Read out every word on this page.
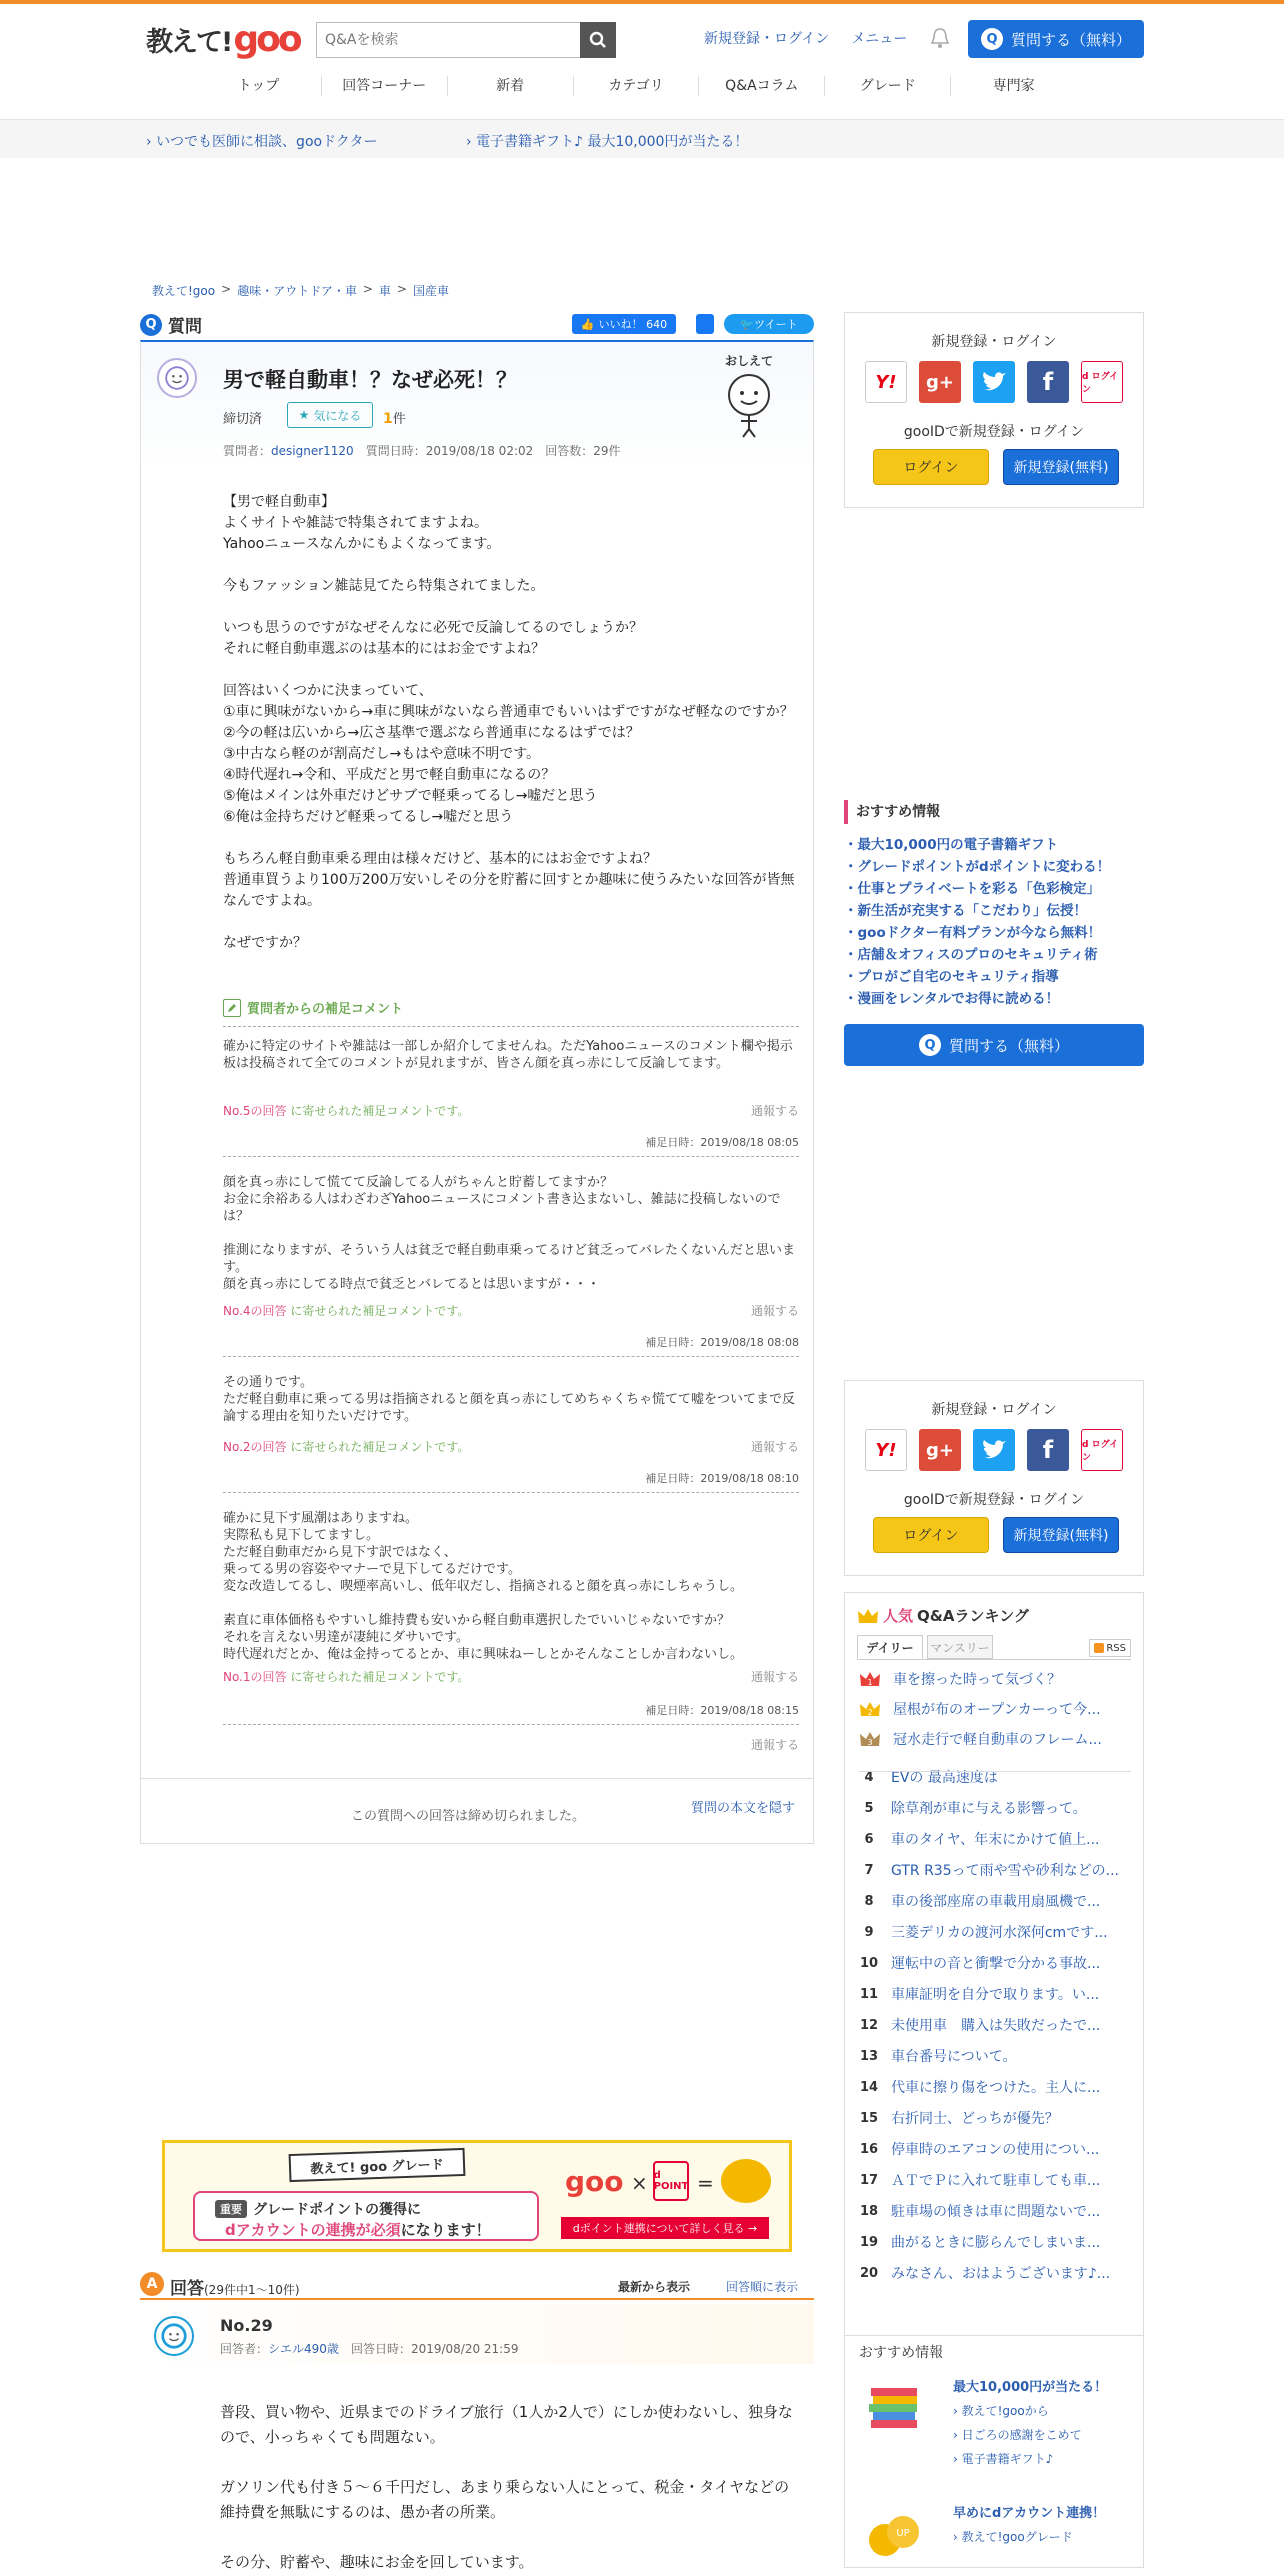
教えて! goo
Q&Aを検索	新規登録・ログイン メニュー	Q 質問する（無料）
トップ	回答コーナー	新着	カテゴリ	Q&Aコラム	グレード	専門家
› いつでも医師に相談、gooドクター	› 電子書籍ギフト♪ 最大10,000円が当たる！
教えて!goo > 趣味・アウトドア・車 > 車 > 国産車
Q 質問	👍 いいね！ 640	🐦 ツイート
男で軽自動車！？なぜ必死！？
締切済	★ 気になる 1件
質問者：designer1120　 質問日時：2019/08/18 02:02　回答数：29件
おしえて
【男で軽自動車】
よくサイトや雑誌で特集されてますよね。
Yahooニュースなんかにもよくなってます。

今もファッション雑誌見てたら特集されてました。

いつも思うのですがなぜそんなに必死で反論してるのでしょうか？
それに軽自動車選ぶのは基本的にはお金ですよね？

回答はいくつかに決まっていて、
①車に興味がないから→車に興味がないなら普通車でもいいはずですがなぜ軽なのですか？
②今の軽は広いから→広さ基準で選ぶなら普通車になるはずでは？
③中古なら軽のが割高だし→もはや意味不明です。
④時代遅れ→令和、平成だと男で軽自動車になるの？
⑤俺はメインは外車だけどサブで軽乗ってるし→嘘だと思う
⑥俺は金持ちだけど軽乗ってるし→嘘だと思う

もちろん軽自動車乗る理由は様々だけど、基本的にはお金ですよね？
普通車買うより100万200万安いしその分を貯蓄に回すとか趣味に使うみたいな回答が皆無なんですよね。

なぜですか？
質問者からの補足コメント
確かに特定のサイトや雑誌は一部しか紹介してませんね。ただYahooニュースのコメント欄や掲示板は投稿されて全てのコメントが見れますが、皆さん顔を真っ赤にして反論してます。
No.5の回答 に寄せられた補足コメントです。	通報する
補足日時：2019/08/18 08:05
顔を真っ赤にして慌てて反論してる人がちゃんと貯蓄してますか？
お金に余裕ある人はわざわざYahooニュースにコメント書き込まないし、雑誌に投稿しないのでは？

推測になりますが、そういう人は貧乏で軽自動車乗ってるけど貧乏ってバレたくないんだと思います。
顔を真っ赤にしてる時点で貧乏とバレてるとは思いますが・・・
No.4の回答 に寄せられた補足コメントです。	通報する
補足日時：2019/08/18 08:08
その通りです。
ただ軽自動車に乗ってる男は指摘されると顔を真っ赤にしてめちゃくちゃ慌てて嘘をついてまで反論する理由を知りたいだけです。
No.2の回答 に寄せられた補足コメントです。	通報する
補足日時：2019/08/18 08:10
確かに見下す風潮はありますね。
実際私も見下してますし。
ただ軽自動車だから見下す訳ではなく、
乗ってる男の容姿やマナーで見下してるだけです。
変な改造してるし、喫煙率高いし、低年収だし、指摘されると顔を真っ赤にしちゃうし。

素直に車体価格もやすいし維持費も安いから軽自動車選択したでいいじゃないですか？
それを言えない男達が凄純にダサいです。
時代遅れだとか、俺は金持ってるとか、車に興味ねーしとかそんなことしか言わないし。
No.1の回答 に寄せられた補足コメントです。	通報する
補足日時：2019/08/18 08:15
通報する
この質問への回答は締め切られました。
質問の本文を隠す
新規登録・ログイン
Y!	g+	f	d ログイン
gooIDで新規登録・ログイン
ログイン	新規登録(無料)
おすすめ情報
・最大10,000円の電子書籍ギフト
・グレードポイントがdポイントに変わる！
・仕事とプライベートを彩る「色彩検定」
・新生活が充実する「こだわり」伝授！
・gooドクター有料プランが今なら無料！
・店舗＆オフィスのプロのセキュリティ術
・プロがご自宅のセキュリティ指導
・漫画をレンタルでお得に読める！
Q 質問する（無料）
新規登録・ログイン
Y!	g+	f	d ログイン
gooIDで新規登録・ログイン
ログイン	新規登録(無料)
人気 Q&Aランキング
デイリー	マンスリー	RSS
1 車を擦った時って気づく？
2 屋根が布のオープンカーって今...
3 冠水走行で軽自動車のフレーム...
4	EVの 最高速度は
5	除草剤が車に与える影響って。
6	車のタイヤ、年末にかけて値上...
7	GTR R35って雨や雪や砂利などの...
8	車の後部座席の車載用扇風機で...
9	三菱デリカの渡河水深何cmです...
10 運転中の音と衝撃で分かる事故...
11 車庫証明を自分で取ります。い...
12 未使用車　購入は失敗だったで...
13 車台番号について。
14 代車に擦り傷をつけた。主人に...
15 右折同士、どっちが優先？
16 停車時のエアコンの使用につい...
17 ＡＴでＰに入れて駐車しても車...
18 駐車場の傾きは車に問題ないで...
19 曲がるときに膨らんでしまいま...
20 みなさん、おはようございます♪...
おすすめ情報
最大10,000円が当たる！
› 教えて!gooから
› 日ごろの感謝をこめて
› 電子書籍ギフト♪
UP
早めにdアカウント連携！
› 教えて!gooグレード
教えて! goo グレード
重要 グレードポイントの獲得に
dアカウントの連携が必須になります！
goo × d POINT =
dポイント連携について詳しく見る →
A 回答(29件中1～10件)	最新から表示	回答順に表示
No.29
回答者：シエル490歳　 回答日時：2019/08/20 21:59
普段、買い物や、近県までのドライブ旅行（1人か2人で）にしか使わないし、独身なので、小っちゃくても問題ない。

ガソリン代も付き５～６千円だし、あまり乗らない人にとって、税金・タイヤなどの維持費を無駄にするのは、愚か者の所業。

その分、貯蓄や、趣味にお金を回しています。
